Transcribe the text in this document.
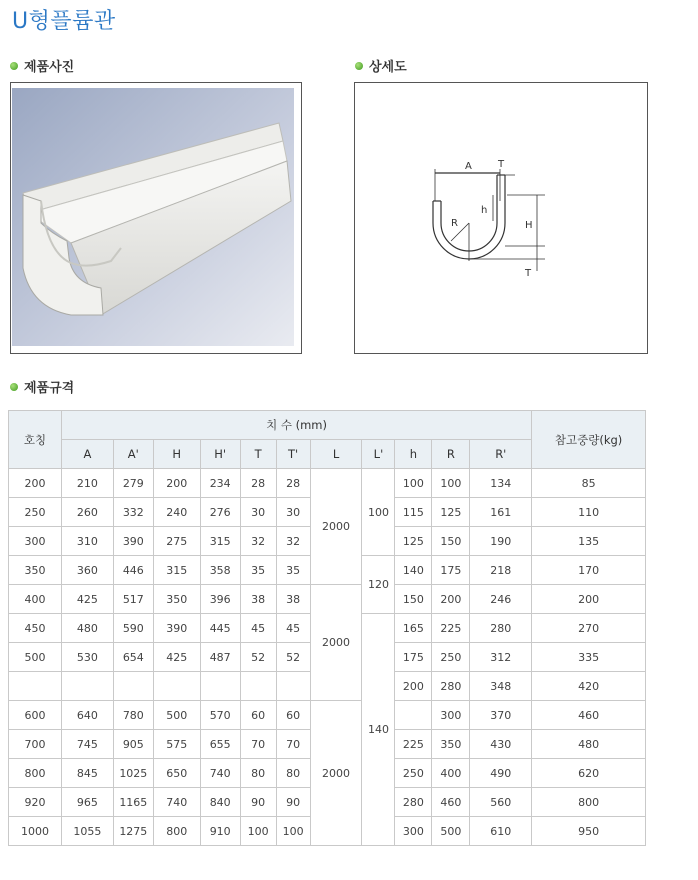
U형플륨관
제품사진	상세도
A	T
h
R	H
T
제품규격
호칭	치 수 (mm)											참고중량(kg)
	A	A'	H	H'	T	T'	L	L'	h	R	R'	
200	210	279	200	234	28	28	2000	100	100	100	134	85
250	260	332	240	276	30	30			115	125	161	110
300	310	390	275	315	32	32			125	150	190	135
350	360	446	315	358	35	35		120	140	175	218	170
400	425	517	350	396	38	38	2000		150	200	246	200
450	480	590	390	445	45	45		140	165	225	280	270
500	530	654	425	487	52	52			175	250	312	335
									200	280	348	420
600	640	780	500	570	60	60	2000			300	370	460
700	745	905	575	655	70	70			225	350	430	480
800	845	1025	650	740	80	80			250	400	490	620
920	965	1165	740	840	90	90			280	460	560	800
1000	1055	1275	800	910	100	100			300	500	610	950
